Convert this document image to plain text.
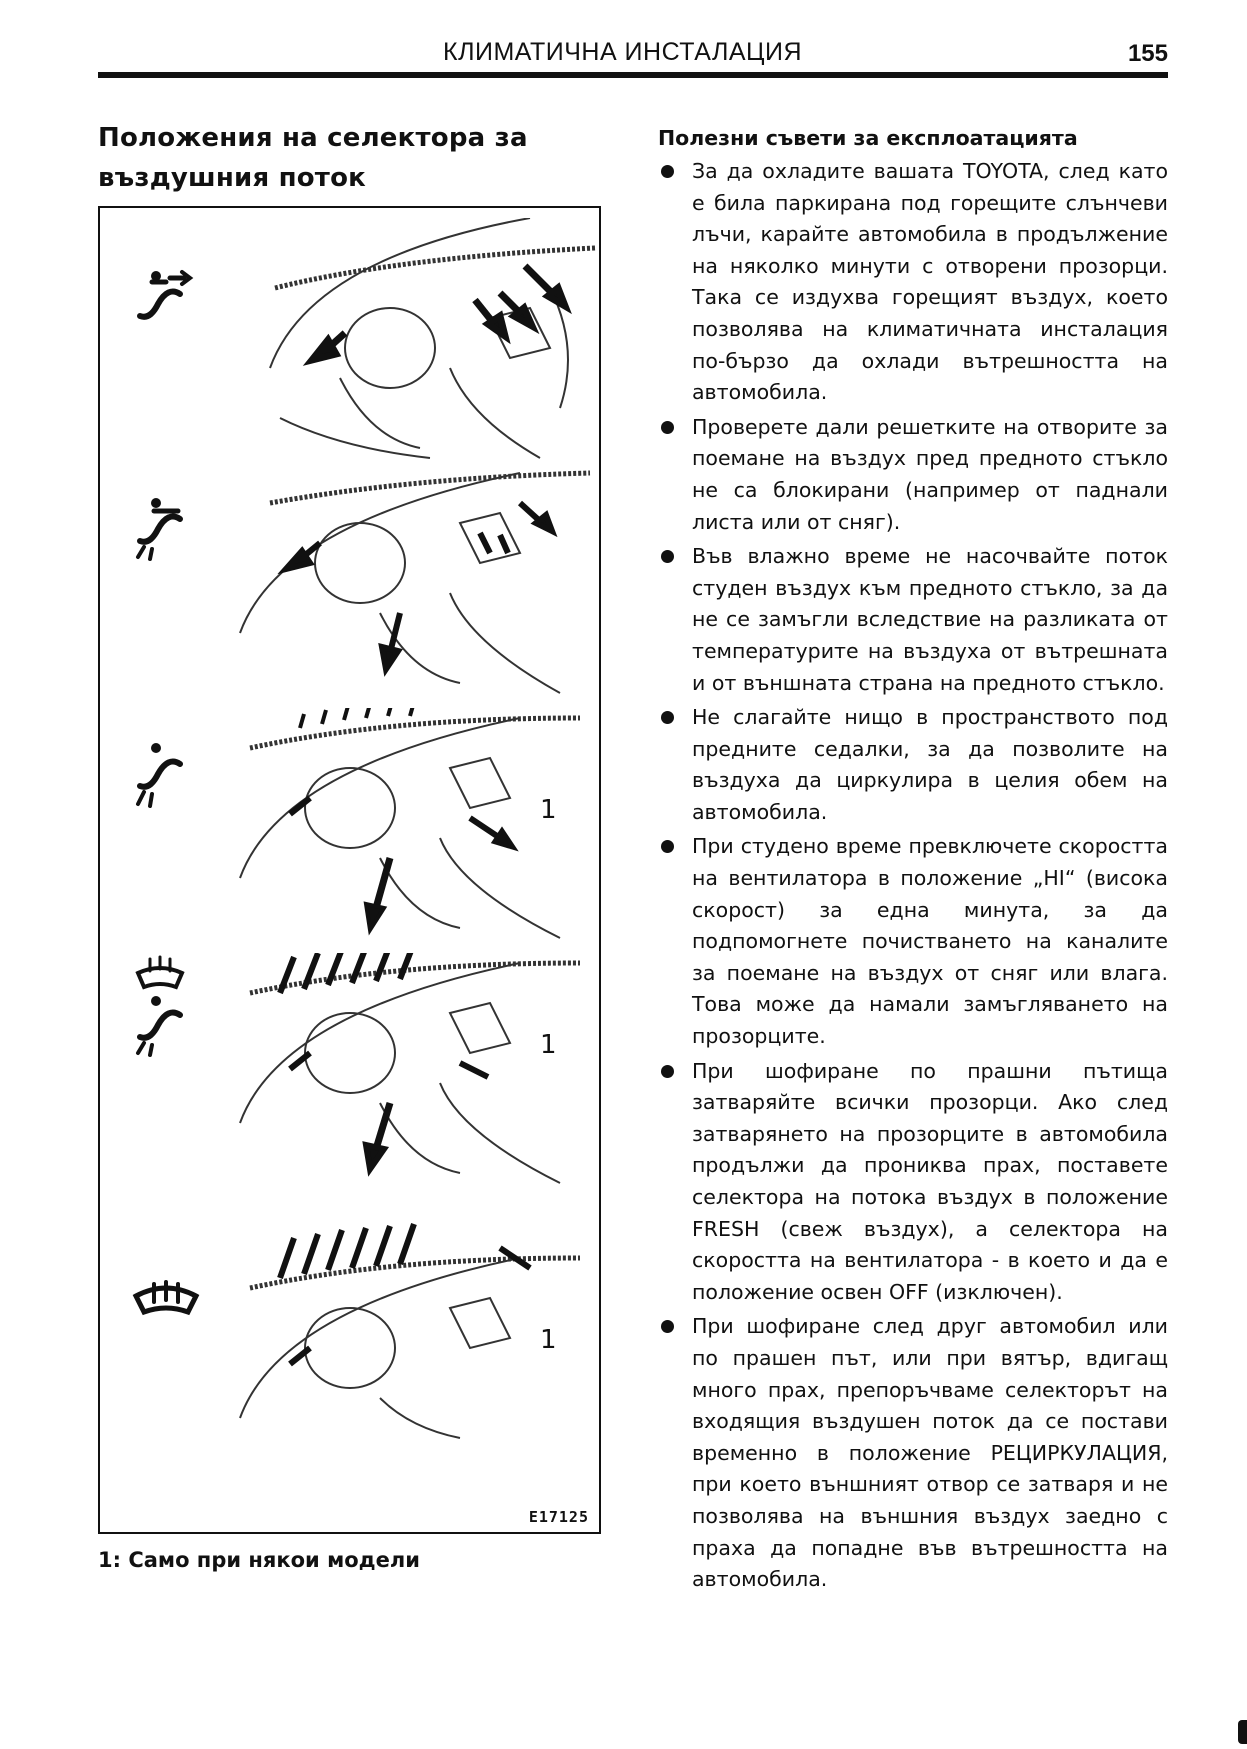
КЛИМАТИЧНА ИНСТАЛАЦИЯ	155
Положения на селектора за
въздушния поток
1
1
1
E17125
1: Само при някои модели
Полезни съвети за експлоатацията
За да охладите вашата TOYOTA, след като е била паркирана под горещите слънчеви лъчи, карайте автомобила в продължение на няколко минути с отворени прозорци. Така се издухва горещият въздух, което позволява на климатичната инсталация по-бързо да охлади вътрешността на автомобила.
Проверете дали решетките на отворите за поемане на въздух пред предното стъкло не са блокирани (например от паднали листа или от сняг).
Във влажно време не насочвайте поток студен въздух към предното стъкло, за да не се замъгли вследствие на разликата от температурите на въздуха от вътрешната и от външната страна на предното стъкло.
Не слагайте нищо в пространството под предните седалки, за да позволите на въздуха да циркулира в целия обем на автомобила.
При студено време превключете скоростта на вентилатора в положение „HI“ (висока скорост) за една минута, за да подпомогнете почистването на каналите за поемане на въздух от сняг или влага. Това може да намали замъгляването на прозорците.
При шофиране по прашни пътища затваряйте всички прозорци. Ако след затварянето на прозорците в автомобила продължи да прониква прах, поставете селектора на потока въздух в положение FRESH (свеж въздух), а селектора на скоростта на вентилатора - в което и да е положение освен OFF (изключен).
При шофиране след друг автомобил или по прашен път, или при вятър, вдигащ много прах, препоръчваме селекторът на входящия въздушен поток да се постави временно в положение РЕЦИРКУЛАЦИЯ, при което външният отвор се затваря и не позволява на външния въздух заедно с праха да попадне във вътрешността на автомобила.
